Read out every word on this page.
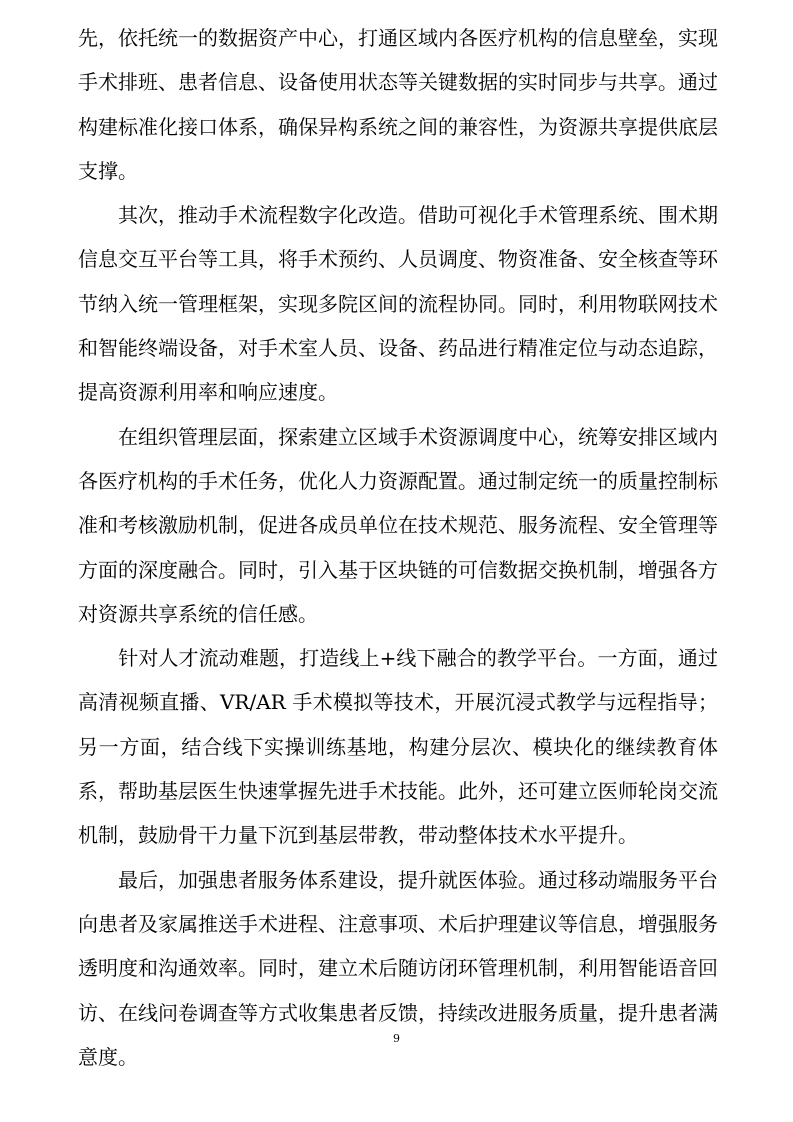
先，依托统一的数据资产中心，打通区域内各医疗机构的信息壁垒，实现
手术排班、患者信息、设备使用状态等关键数据的实时同步与共享。通过
构建标准化接口体系，确保异构系统之间的兼容性，为资源共享提供底层
支撑。
　　其次，推动手术流程数字化改造。借助可视化手术管理系统、围术期
信息交互平台等工具，将手术预约、人员调度、物资准备、安全核查等环
节纳入统一管理框架，实现多院区间的流程协同。同时，利用物联网技术
和智能终端设备，对手术室人员、设备、药品进行精准定位与动态追踪，
提高资源利用率和响应速度。
　　在组织管理层面，探索建立区域手术资源调度中心，统筹安排区域内
各医疗机构的手术任务，优化人力资源配置。通过制定统一的质量控制标
准和考核激励机制，促进各成员单位在技术规范、服务流程、安全管理等
方面的深度融合。同时，引入基于区块链的可信数据交换机制，增强各方
对资源共享系统的信任感。
　　针对人才流动难题，打造线上+线下融合的教学平台。一方面，通过
高清视频直播、VR/AR 手术模拟等技术，开展沉浸式教学与远程指导；
另一方面，结合线下实操训练基地，构建分层次、模块化的继续教育体
系，帮助基层医生快速掌握先进手术技能。此外，还可建立医师轮岗交流
机制，鼓励骨干力量下沉到基层带教，带动整体技术水平提升。
　　最后，加强患者服务体系建设，提升就医体验。通过移动端服务平台
向患者及家属推送手术进程、注意事项、术后护理建议等信息，增强服务
透明度和沟通效率。同时，建立术后随访闭环管理机制，利用智能语音回
访、在线问卷调查等方式收集患者反馈，持续改进服务质量，提升患者满
意度。
9
